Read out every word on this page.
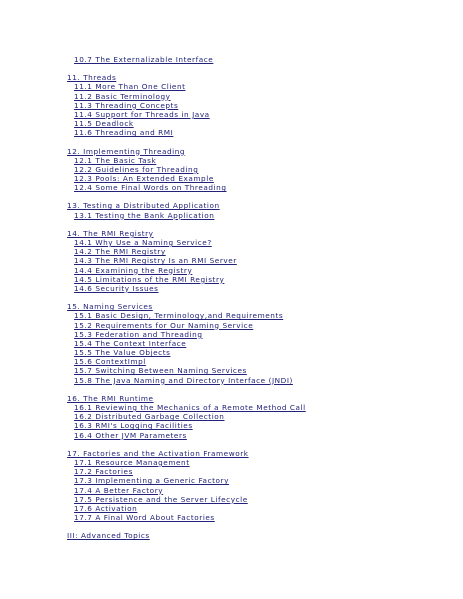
10.7 The Externalizable Interface
11. Threads
11.1 More Than One Client
11.2 Basic Terminology
11.3 Threading Concepts
11.4 Support for Threads in Java
11.5 Deadlock
11.6 Threading and RMI
12. Implementing Threading
12.1 The Basic Task
12.2 Guidelines for Threading
12.3 Pools: An Extended Example
12.4 Some Final Words on Threading
13. Testing a Distributed Application
13.1 Testing the Bank Application
14. The RMI Registry
14.1 Why Use a Naming Service?
14.2 The RMI Registry
14.3 The RMI Registry Is an RMI Server
14.4 Examining the Registry
14.5 Limitations of the RMI Registry
14.6 Security Issues
15. Naming Services
15.1 Basic Design, Terminology,and Requirements
15.2 Requirements for Our Naming Service
15.3 Federation and Threading
15.4 The Context Interface
15.5 The Value Objects
15.6 ContextImpl
15.7 Switching Between Naming Services
15.8 The Java Naming and Directory Interface (JNDI)
16. The RMI Runtime
16.1 Reviewing the Mechanics of a Remote Method Call
16.2 Distributed Garbage Collection
16.3 RMI's Logging Facilities
16.4 Other JVM Parameters
17. Factories and the Activation Framework
17.1 Resource Management
17.2 Factories
17.3 Implementing a Generic Factory
17.4 A Better Factory
17.5 Persistence and the Server Lifecycle
17.6 Activation
17.7 A Final Word About Factories
III: Advanced Topics
